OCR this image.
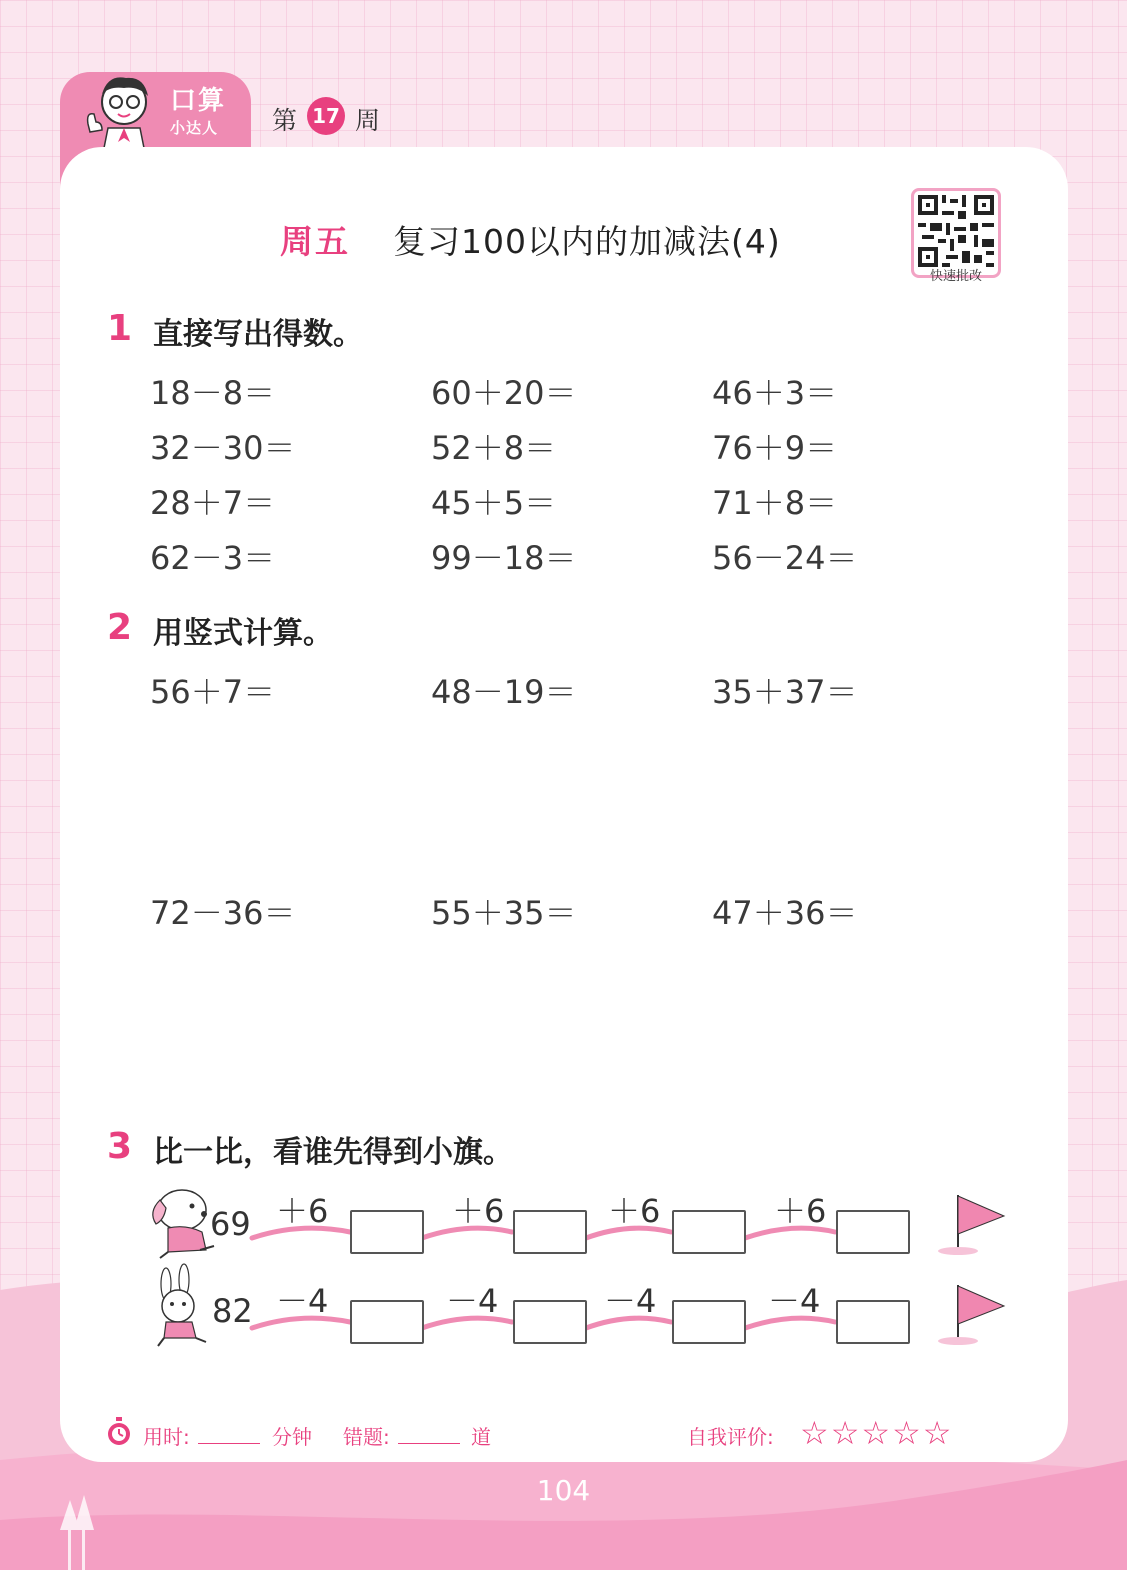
口算
小达人 第 17 周
周五 复习100以内的加减法(4)
快速批改
1 直接写出得数。
18－8＝	60＋20＝	46＋3＝
32－30＝	52＋8＝	76＋9＝
28＋7＝	45＋5＝	71＋8＝
62－3＝	99－18＝	56－24＝
2 用竖式计算。
56＋7＝	48－19＝	35＋37＝
72－36＝	55＋35＝	47＋36＝
3 比一比，看谁先得到小旗。
69 ＋6	＋6	＋6	＋6
82 －4	－4	－4	－4
用时:	分钟 错题:	道	自我评价: ☆☆☆☆☆
104
